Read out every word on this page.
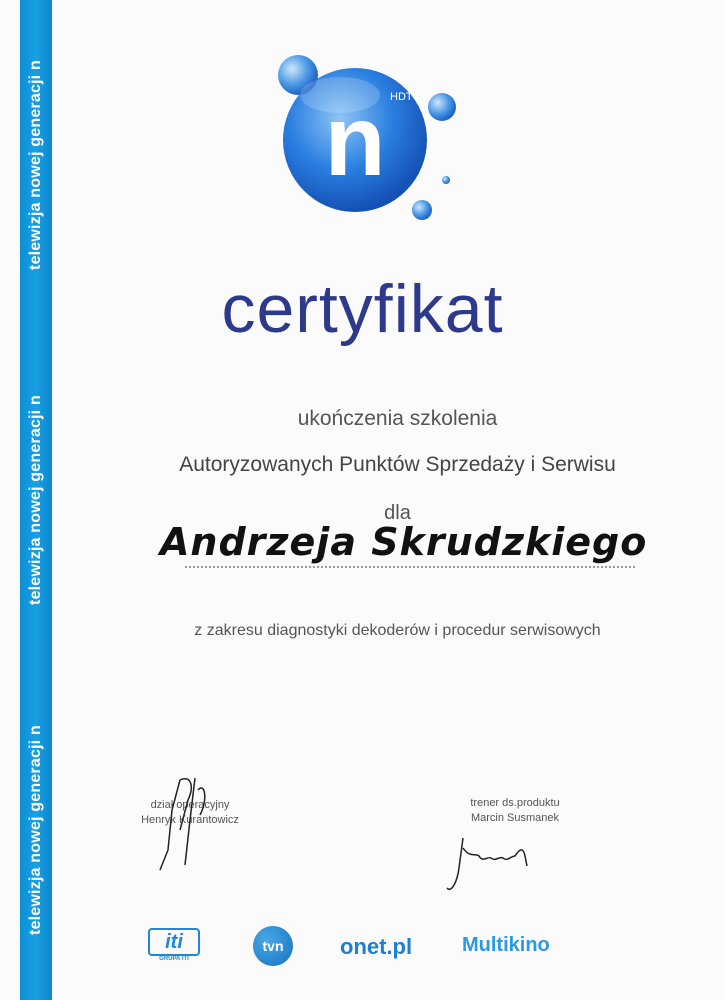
telewizja nowej generacji n
telewizja nowej generacji n
telewizja nowej generacji n
n HDTV
certyfikat
ukończenia szkolenia
Autoryzowanych Punktów Sprzedaży i Serwisu
dla
Andrzeja Skrudzkiego
z zakresu diagnostyki dekoderów i procedur serwisowych
dział operacyjny
Henryk Kurantowicz
trener ds.produktu
Marcin Susmanek
iti
GRUPA ITI
tvn	onet.pl Multikino
